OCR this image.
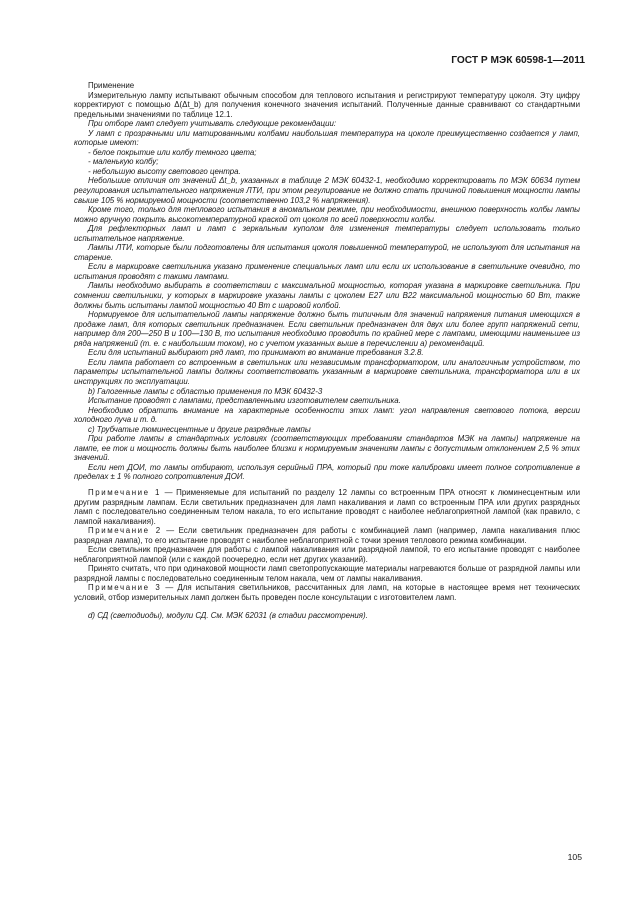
ГОСТ Р МЭК 60598-1—2011

Применение

Измерительную лампу испытывают обычным способом для теплового испытания и регистрируют температуру цоколя. Эту цифру корректируют с помощью Δ(Δt_b) для получения конечного значения испытаний. Полученные данные сравнивают со стандартными предельными значениями по таблице 12.1.

При отборе ламп следует учитывать следующие рекомендации:

У ламп с прозрачными или матированными колбами наибольшая температура на цоколе преимущественно создается у ламп, которые имеют:

- белое покрытие или колбу темного цвета;

- маленькую колбу;

- небольшую высоту светового центра.

Небольшие отличия от значений Δt_b, указанных в таблице 2 МЭК 60432-1, необходимо корректировать по МЭК 60634 путем регулирования испытательного напряжения ЛТИ, при этом регулирование не должно стать причиной повышения мощности лампы свыше 105 % нормируемой мощности (соответственно 103,2 % напряжения).

Кроме того, только для теплового испытания в аномальном режиме, при необходимости, внешнюю поверхность колбы лампы можно вручную покрыть высокотемпературной краской от цоколя по всей поверхности колбы.

Для рефлекторных ламп и ламп с зеркальным куполом для изменения температуры следует использовать только испытательное напряжение.

Лампы ЛТИ, которые были подготовлены для испытания цоколя повышенной температурой, не используют для испытания на старение.

Если в маркировке светильника указано применение специальных ламп или если их использование в светильнике очевидно, то испытания проводят с такими лампами.

Лампы необходимо выбирать в соответствии с максимальной мощностью, которая указана в маркировке светильника. При сомнении светильники, у которых в маркировке указаны лампы с цоколем E27 или B22 максимальной мощностью 60 Вт, также должны быть испытаны лампой мощностью 40 Вт с шаровой колбой.

Нормируемое для испытательной лампы напряжение должно быть типичным для значений напряжения питания имеющихся в продаже ламп, для которых светильник предназначен. Если светильник предназначен для двух или более групп напряжений сети, например для 200—250 В и 100—130 В, то испытания необходимо проводить по крайней мере с лампами, имеющими наименьшее из ряда напряжений (т. е. с наибольшим током), но с учетом указанных выше в перечислении а) рекомендаций.

Если для испытаний выбирают ряд ламп, то принимают во внимание требования 3.2.8.

Если лампа работает со встроенным в светильник или независимым трансформатором, или аналогичным устройством, то параметры испытательной лампы должны соответствовать указанным в маркировке светильника, трансформатора или в их инструкциях по эксплуатации.

b) Галогенные лампы с областью применения по МЭК 60432-3

Испытание проводят с лампами, представленными изготовителем светильника.

Необходимо обратить внимание на характерные особенности этих ламп: угол направления светового потока, версии холодного луча и т. д.

c) Трубчатые люминесцентные и другие разрядные лампы

При работе лампы в стандартных условиях (соответствующих требованиям стандартов МЭК на лампы) напряжение на лампе, ее ток и мощность должны быть наиболее близки к нормируемым значениям лампы с допустимым отклонением 2,5 % этих значений.

Если нет ДОИ, то лампы отбирают, используя серийный ПРА, который при токе калибровки имеет полное сопротивление в пределах ± 1 % полного сопротивления ДОИ.

Примечание 1 — Применяемые для испытаний по разделу 12 лампы со встроенным ПРА относят к люминесцентным или другим разрядным лампам. Если светильник предназначен для ламп накаливания и ламп со встроенным ПРА или других разрядных ламп с последовательно соединенным телом накала, то его испытание проводят с наиболее неблагоприятной лампой (как правило, с лампой накаливания).

Примечание 2 — Если светильник предназначен для работы с комбинацией ламп (например, лампа накаливания плюс разрядная лампа), то его испытание проводят с наиболее неблагоприятной с точки зрения теплового режима комбинации.

Если светильник предназначен для работы с лампой накаливания или разрядной лампой, то его испытание проводят с наиболее неблагоприятной лампой (или с каждой поочередно, если нет других указаний).

Принято считать, что при одинаковой мощности ламп светопропускающие материалы нагреваются больше от разрядной лампы или разрядной лампы с последовательно соединенным телом накала, чем от лампы накаливания.

Примечание 3 — Для испытания светильников, рассчитанных для ламп, на которые в настоящее время нет технических условий, отбор измерительных ламп должен быть проведен после консультации с изготовителем ламп.

d) СД (светодиоды), модули СД. См. МЭК 62031 (в стадии рассмотрения).

105
